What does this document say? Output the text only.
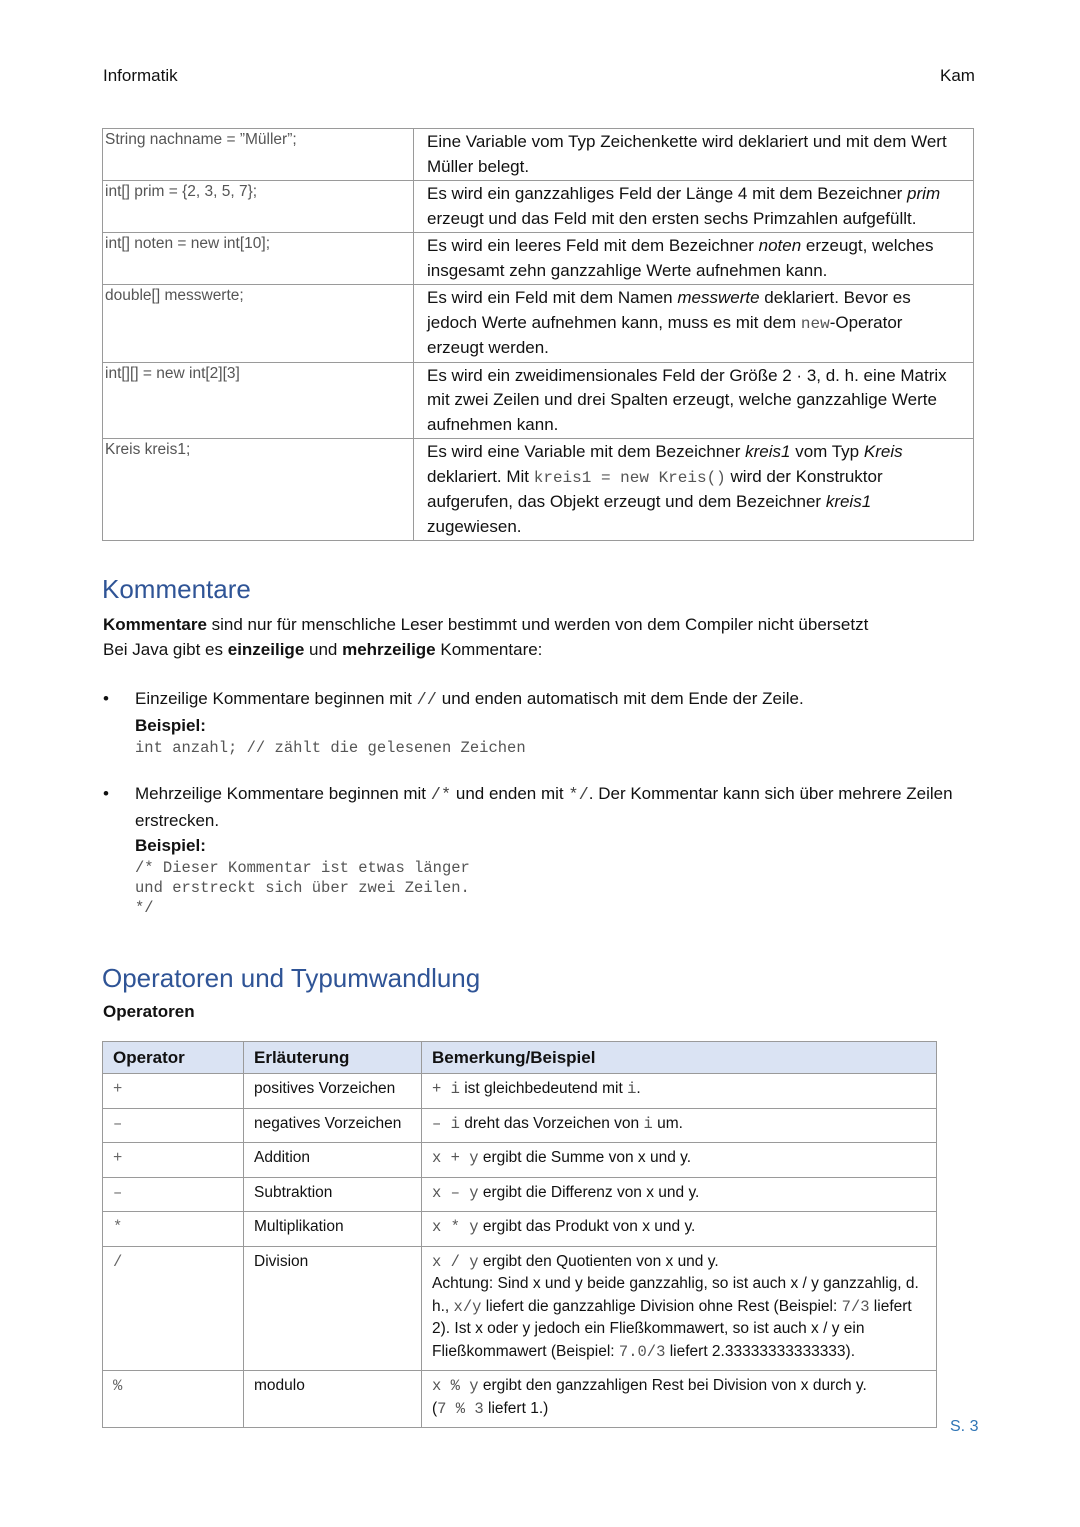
Informatik	Kam
String nachname = ”Müller”;	Eine Variable vom Typ Zeichenkette wird deklariert und mit dem Wert Müller belegt.
int[] prim = {2, 3, 5, 7};	Es wird ein ganzzahliges Feld der Länge 4 mit dem Bezeichner prim erzeugt und das Feld mit den ersten sechs Primzahlen aufgefüllt.
int[] noten = new int[10];	Es wird ein leeres Feld mit dem Bezeichner noten erzeugt, welches insgesamt zehn ganzzahlige Werte aufnehmen kann.
double[] messwerte;	Es wird ein Feld mit dem Namen messwerte deklariert. Bevor es jedoch Werte aufnehmen kann, muss es mit dem new-Operator erzeugt werden.
int[][] = new int[2][3]	Es wird ein zweidimensionales Feld der Größe 2 · 3, d. h. eine Matrix mit zwei Zeilen und drei Spalten erzeugt, welche ganzzahlige Werte aufnehmen kann.
Kreis kreis1;	Es wird eine Variable mit dem Bezeichner kreis1 vom Typ Kreis deklariert. Mit kreis1 = new Kreis() wird der Konstruktor aufgerufen, das Objekt erzeugt und dem Bezeichner kreis1 zugewiesen.
Kommentare
Kommentare sind nur für menschliche Leser bestimmt und werden von dem Compiler nicht übersetzt
Bei Java gibt es einzeilige und mehrzeilige Kommentare:
• Einzeilige Kommentare beginnen mit // und enden automatisch mit dem Ende der Zeile.
Beispiel:
int anzahl; // zählt die gelesenen Zeichen
• Mehrzeilige Kommentare beginnen mit /* und enden mit */. Der Kommentar kann sich über mehrere Zeilen erstrecken.
Beispiel:
/* Dieser Kommentar ist etwas länger
und erstreckt sich über zwei Zeilen.
*/
Operatoren und Typumwandlung
Operatoren
Operator	Erläuterung	Bemerkung/Beispiel
+	positives Vorzeichen	+ i ist gleichbedeutend mit i.
–	negatives Vorzeichen	– i dreht das Vorzeichen von i um.
+	Addition	x + y ergibt die Summe von x und y.
–	Subtraktion	x – y ergibt die Differenz von x und y.
*	Multiplikation	x * y ergibt das Produkt von x und y.
/	Division	x / y ergibt den Quotienten von x und y.
Achtung: Sind x und y beide ganzzahlig, so ist auch x / y ganzzahlig, d. h., x/y liefert die ganzzahlige Division ohne Rest (Beispiel: 7/3 liefert 2). Ist x oder y jedoch ein Fließkommawert, so ist auch x / y ein Fließkommawert (Beispiel: 7.0/3 liefert 2.33333333333333).

%	modulo	x % y ergibt den ganzzahligen Rest bei Division von x durch y.
(7 % 3 liefert 1.)
S. 3
